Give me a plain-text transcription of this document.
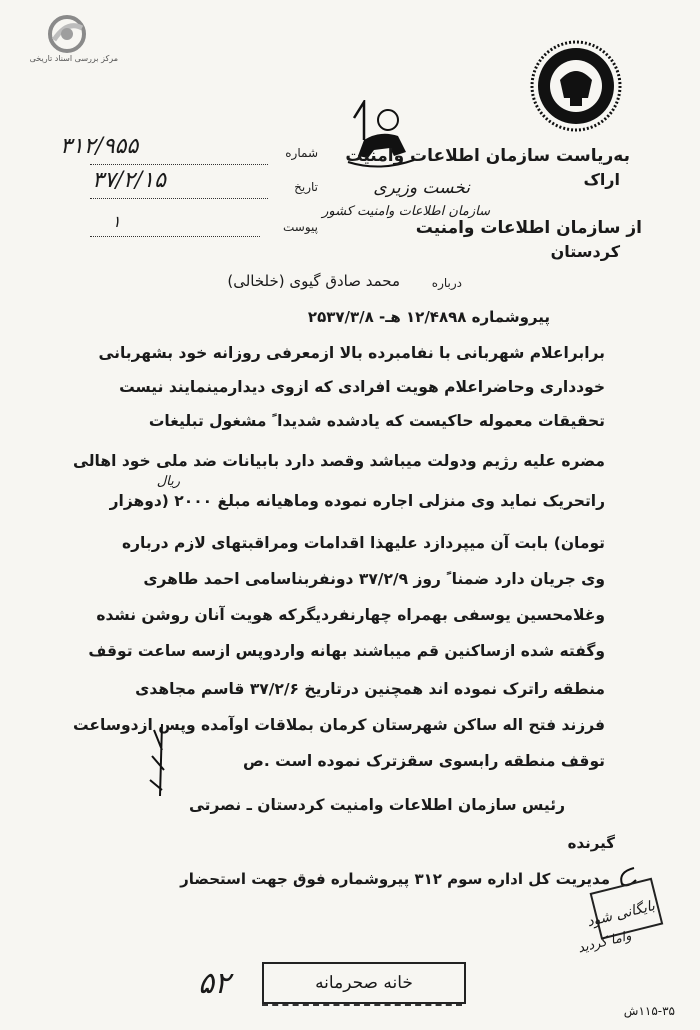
مرکز بررسی اسناد تاریخی
به‌ریاست سازمان اطلاعات وامنیت
اراک
از سازمان اطلاعات وامنیت
کردستان
نخست وزیری
سازمان اطلاعات وامنیت کشور
شماره
۳۱۲/۹۵۵
تاریخ
۳۷/۲/۱۵
پیوست
۱
محمد صادق گیوی (خلخالی)	درباره
پیروشماره ۱۲/۴۸۹۸ هـ- ۲۵۳۷/۳/۸
برابراعلام شهربانی با نفامبرده بالا ازمعرفی روزانه خود بشهربانی
خودداری وحاضراعلام هویت افرادی که ازوی دیدارمینمایند نیست
تحقیقات معموله حاکیست که یادشده شدیدا ً مشغول تبلیغات
مضره علیه رژیم ودولت میباشد وقصد دارد بابیانات ضد ملی خود اهالی
راتحریک نماید وی منزلی اجاره نموده وماهیانه مبلغ ۲۰۰۰ (دوهزار
ریال
تومان) بابت آن میپردازد علیهذا اقدامات ومراقبتهای لازم درباره
وی جریان دارد ضمنا ً روز ۳۷/۲/۹ دونفربناسامی احمد طاهری
وغلامحسین یوسفی بهمراه چهارنفردیگرکه هویت آنان روشن نشده
وگفته شده ازساکنین قم میباشند بهانه واردوپس ازسه ساعت توقف
منطقه راترک نموده اند همچنین درتاریخ ۳۷/۲/۶ قاسم مجاهدی
فرزند فتح اله ساکن شهرستان کرمان بملاقات اوآمده وپس ازدوساعت
توقف منطقه رابسوی سقزترک نموده است .ص
رئیس سازمان اطلاعات وامنیت کردستان ـ نصرتی
گیرنده
مدیریت کل اداره سوم ۳۱۲ پیروشماره فوق جهت استحضار
بایگانی شود
واما کردید
خانه صحرمانه
۵۲
۱۱۵-۳۵ش
